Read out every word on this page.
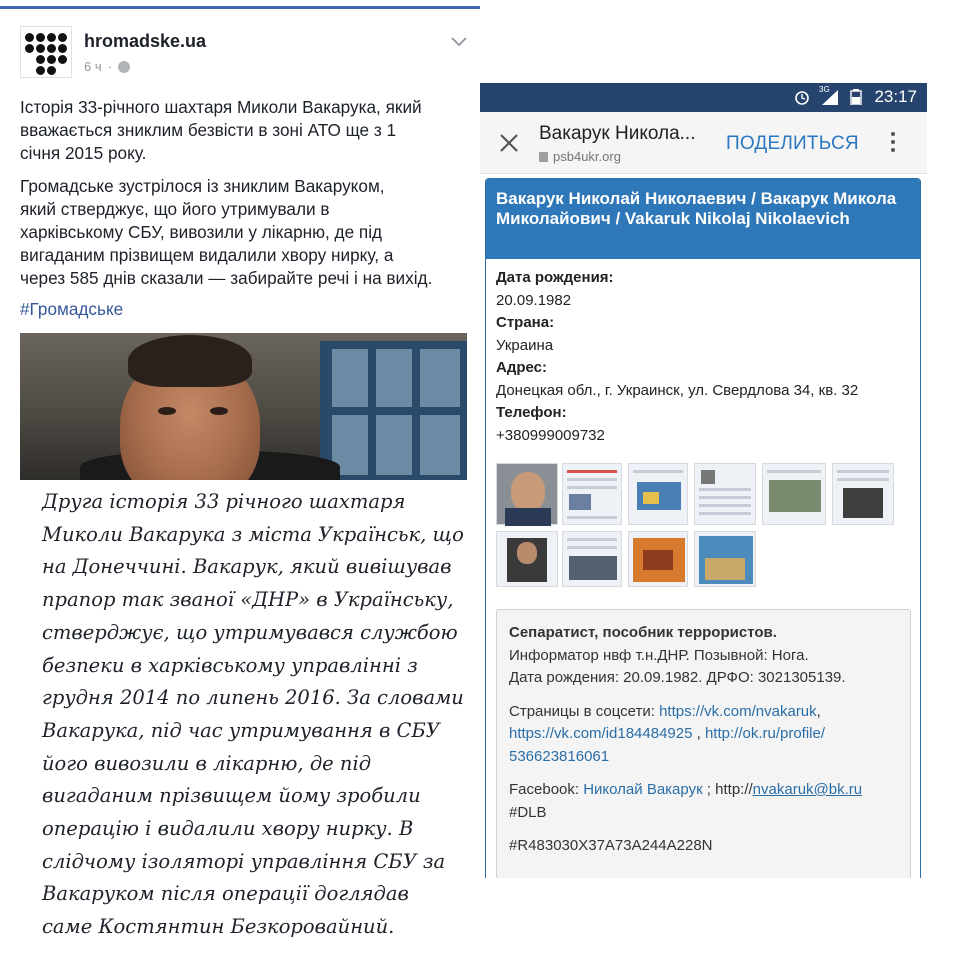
hromadske.ua
6 ч ·
Історія 33-річного шахтаря Миколи Вакарука, який
вважається зниклим безвісти в зоні АТО ще з 1
січня 2015 року.
Громадське зустрілося із зниклим Вакаруком,
який стверджує, що його утримували в
харківському СБУ, вивозили у лікарню, де під
вигаданим прізвищем видалили хвору нирку, а
через 585 днів сказали — забирайте речі і на вихід.
#Громадське
Друга історія 33 річного шахтаря
Миколи Вакарука з міста Українськ, що
на Донеччині. Вакарук, який вивішував
прапор так званої «ДНР» в Українську,
стверджує, що утримувався службою
безпеки в харківському управлінні з
грудня 2014 по липень 2016. За словами
Вакарука, під час утримування в СБУ
його вивозили в лікарню, де під
вигаданим прізвищем йому зробили
операцію і видалили хвору нирку. В
слідчому ізоляторі управління СБУ за
Вакаруком після операції доглядав
саме Костянтин Безкоровайний.
3G	23:17
Вакарук Никола...
psb4ukr.org
ПОДЕЛИТЬСЯ
Вакарук Николай Николаевич / Вакарук Микола Миколайович / Vakaruk Nikolaj Nikolaevich
Дата рождения:
20.09.1982
Страна:
Украина
Адрес:
Донецкая обл., г. Украинск, ул. Свердлова 34, кв. 32
Телефон:
+380999009732
Сепаратист, пособник террористов.
Информатор нвф т.н.ДНР. Позывной: Нога.
Дата рождения: 20.09.1982. ДРФО: 3021305139.
Страницы в соцсети: https://vk.com/nvakaruk,
https://vk.com/id184484925 , http://ok.ru/profile/
536623816061
Facebook: Николай Вакарук ; http://nvakaruk@bk.ru
#DLB
#R483030X37A73A244A228N
